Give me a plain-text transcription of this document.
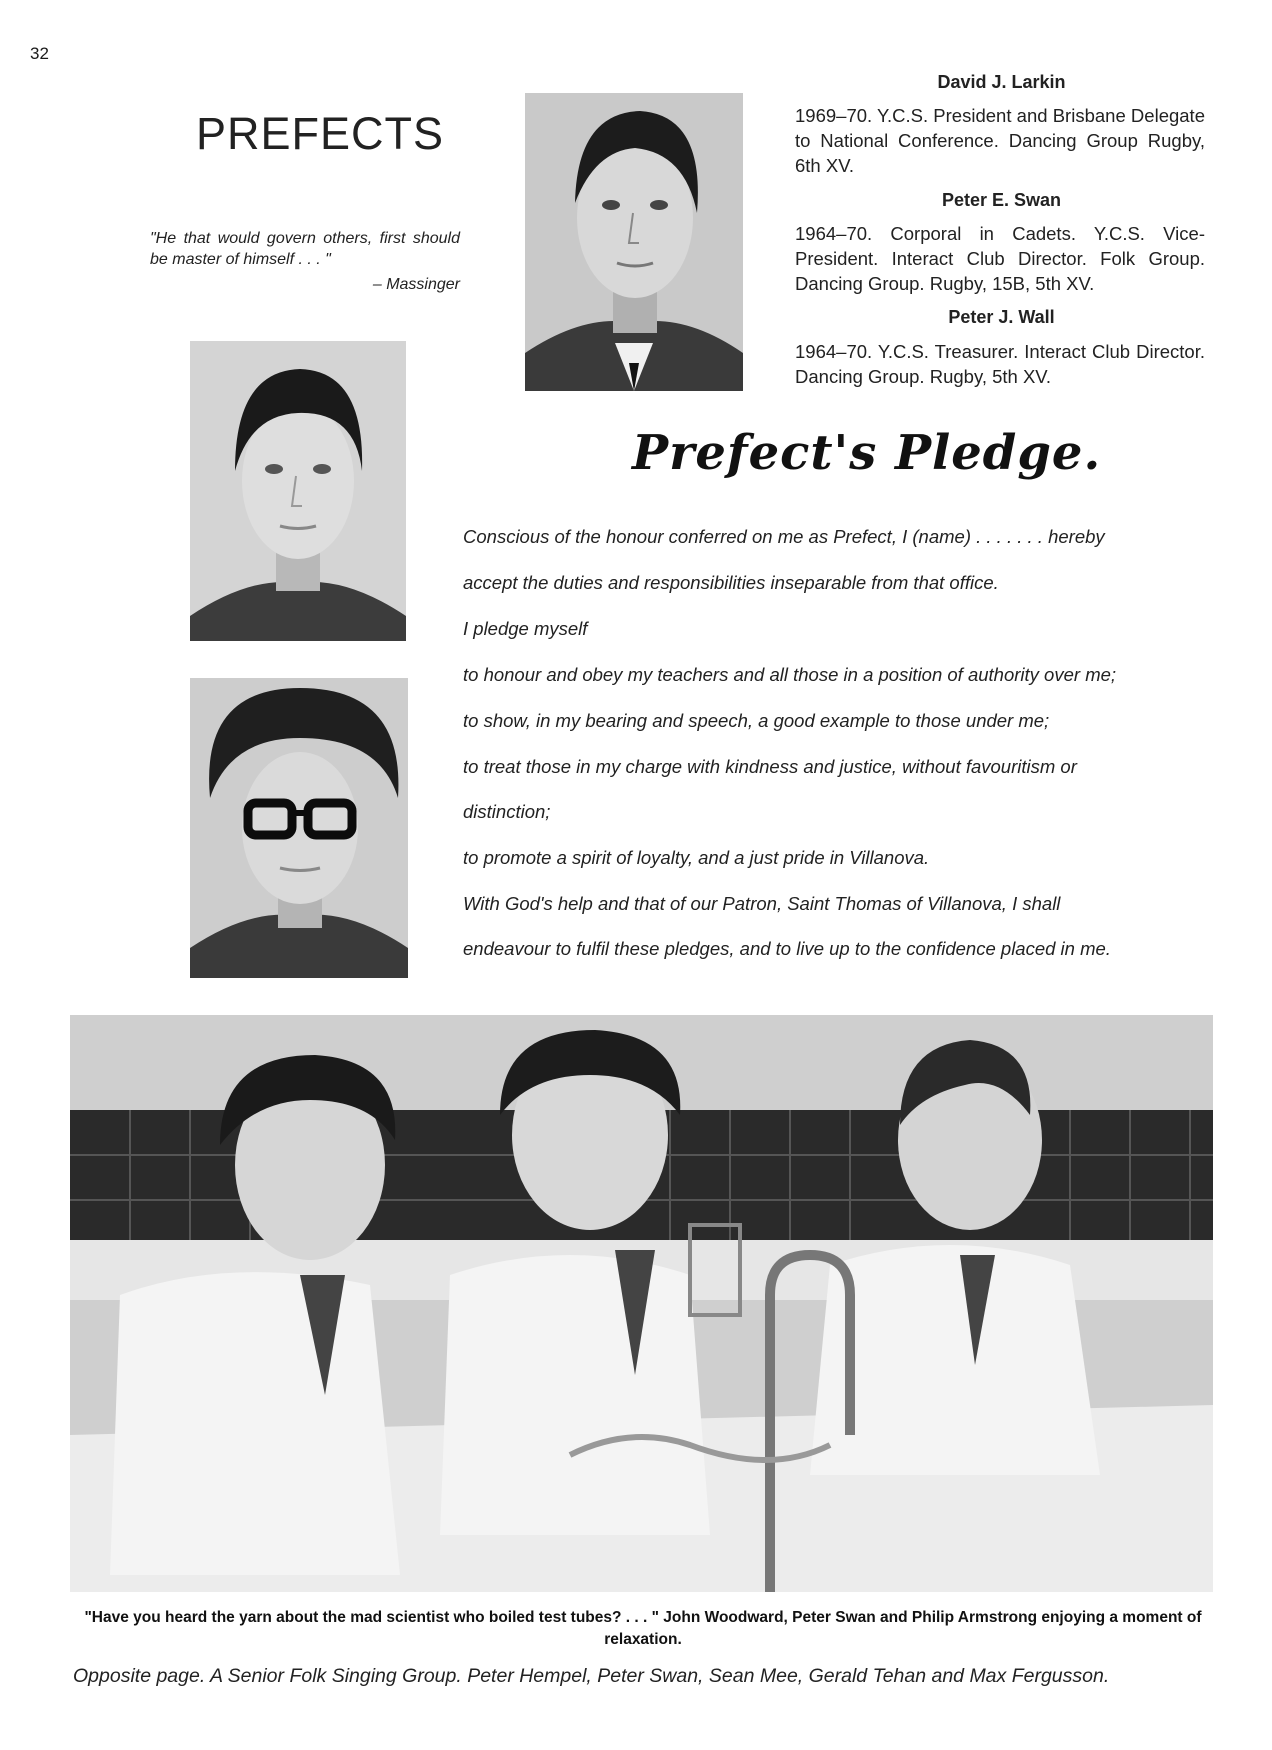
32
PREFECTS
"He that would govern others, first should be master of himself . . . "
– Massinger
David J. Larkin
1969–70. Y.C.S. President and Brisbane Delegate to National Conference. Dancing Group Rugby, 6th XV.
Peter E. Swan
1964–70. Corporal in Cadets. Y.C.S. Vice-President. Interact Club Director. Folk Group. Dancing Group. Rugby, 15B, 5th XV.
Peter J. Wall
1964–70. Y.C.S. Treasurer. Interact Club Director. Dancing Group. Rugby, 5th XV.
Prefect's Pledge.
Conscious of the honour conferred on me as Prefect, I (name) . . . . . . . hereby
accept the duties and responsibilities inseparable from that office.
I pledge myself
to honour and obey my teachers and all those in a position of authority over me;
to show, in my bearing and speech, a good example to those under me;
to treat those in my charge with kindness and justice, without favouritism or
distinction;
to promote a spirit of loyalty, and a just pride in Villanova.
With God's help and that of our Patron, Saint Thomas of Villanova, I shall
endeavour to fulfil these pledges, and to live up to the confidence placed in me.
"Have you heard the yarn about the mad scientist who boiled test tubes? . . . " John Woodward, Peter Swan and Philip Armstrong enjoying a moment of relaxation.
Opposite page. A Senior Folk Singing Group. Peter Hempel, Peter Swan, Sean Mee, Gerald Tehan and Max Fergusson.
